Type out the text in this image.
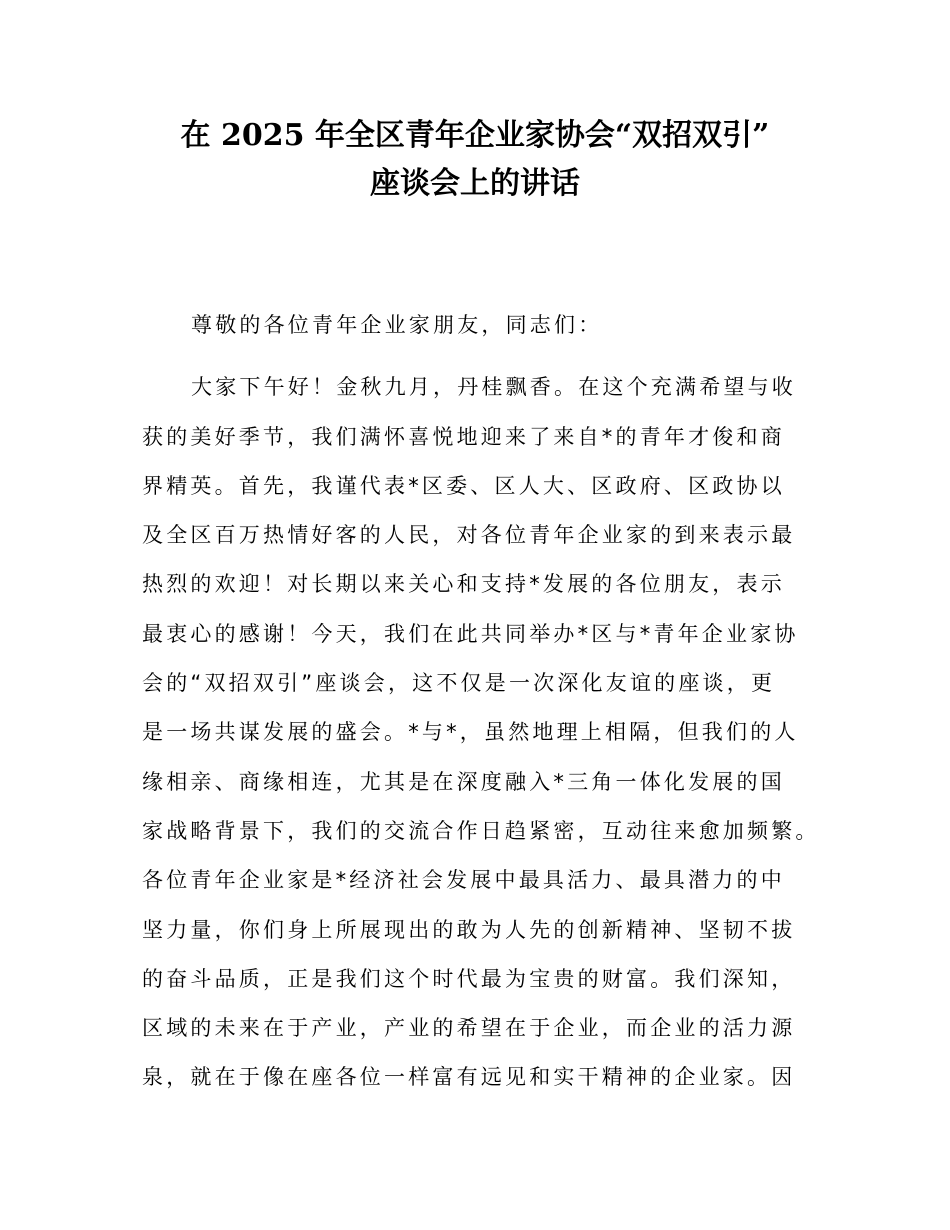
在 2025 年全区青年企业家协会“双招双引”
座谈会上的讲话
尊敬的各位青年企业家朋友，同志们：
大家下午好！金秋九月，丹桂飘香。在这个充满希望与收
获的美好季节，我们满怀喜悦地迎来了来自*的青年才俊和商
界精英。首先，我谨代表*区委、区人大、区政府、区政协以
及全区百万热情好客的人民，对各位青年企业家的到来表示最
热烈的欢迎！对长期以来关心和支持*发展的各位朋友，表示
最衷心的感谢！今天，我们在此共同举办*区与*青年企业家协
会的“双招双引”座谈会，这不仅是一次深化友谊的座谈，更
是一场共谋发展的盛会。*与*，虽然地理上相隔，但我们的人
缘相亲、商缘相连，尤其是在深度融入*三角一体化发展的国
家战略背景下，我们的交流合作日趋紧密，互动往来愈加频繁。
各位青年企业家是*经济社会发展中最具活力、最具潜力的中
坚力量，你们身上所展现出的敢为人先的创新精神、坚韧不拔
的奋斗品质，正是我们这个时代最为宝贵的财富。我们深知，
区域的未来在于产业，产业的希望在于企业，而企业的活力源
泉，就在于像在座各位一样富有远见和实干精神的企业家。因
